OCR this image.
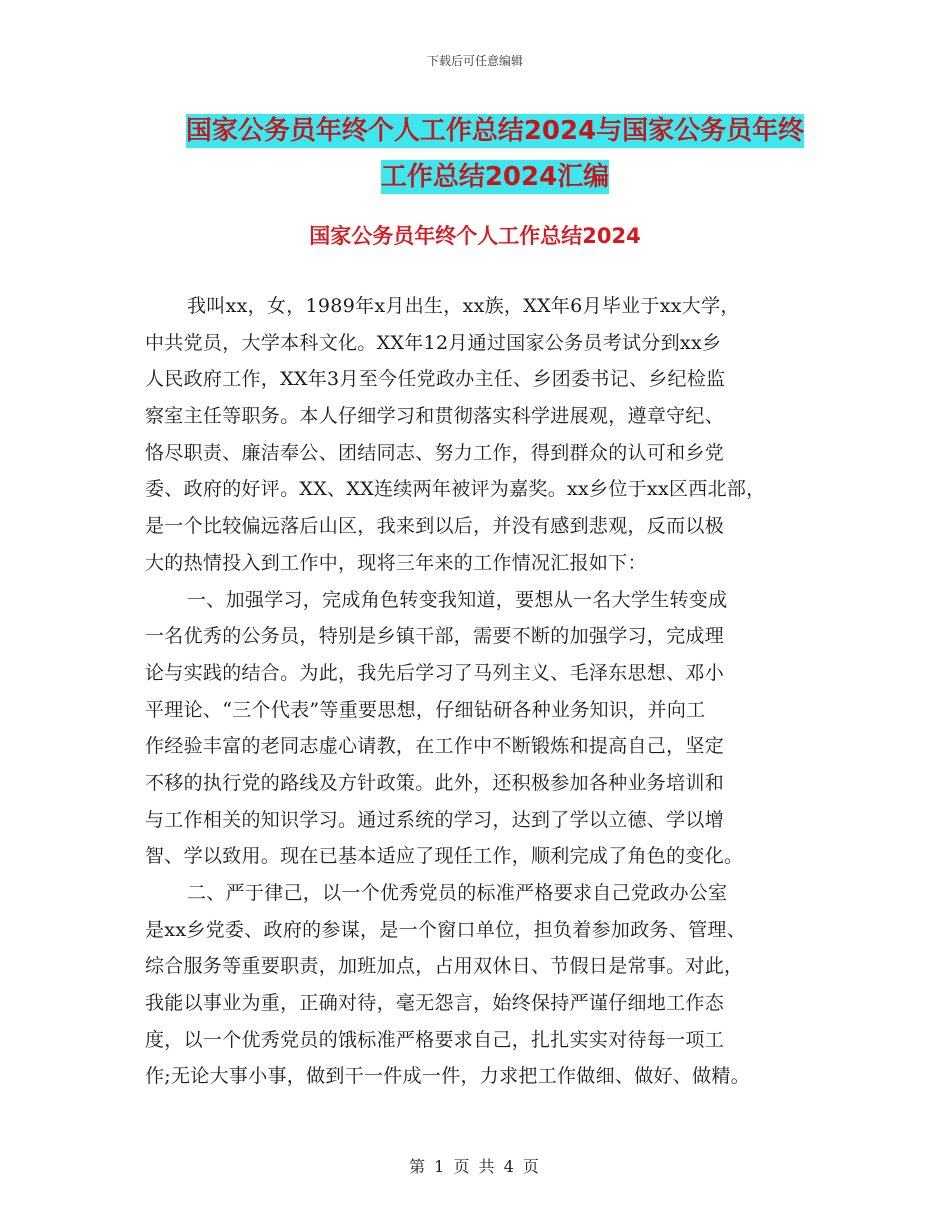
下载后可任意编辑
国家公务员年终个人工作总结2024与国家公务员年终
工作总结2024汇编
国家公务员年终个人工作总结2024
我叫xx，女，1989年x月出生，xx族，XX年6月毕业于xx大学，
中共党员，大学本科文化。XX年12月通过国家公务员考试分到xx乡
人民政府工作，XX年3月至今任党政办主任、乡团委书记、乡纪检监
察室主任等职务。本人仔细学习和贯彻落实科学进展观，遵章守纪、
恪尽职责、廉洁奉公、团结同志、努力工作，得到群众的认可和乡党
委、政府的好评。XX、XX连续两年被评为嘉奖。xx乡位于xx区西北部，
是一个比较偏远落后山区，我来到以后，并没有感到悲观，反而以极
大的热情投入到工作中，现将三年来的工作情况汇报如下：
一、加强学习，完成角色转变我知道，要想从一名大学生转变成
一名优秀的公务员，特别是乡镇干部，需要不断的加强学习，完成理
论与实践的结合。为此，我先后学习了马列主义、毛泽东思想、邓小
平理论、“三个代表”等重要思想，仔细钻研各种业务知识，并向工
作经验丰富的老同志虚心请教，在工作中不断锻炼和提高自己，坚定
不移的执行党的路线及方针政策。此外，还积极参加各种业务培训和
与工作相关的知识学习。通过系统的学习，达到了学以立德、学以增
智、学以致用。现在已基本适应了现任工作，顺利完成了角色的变化。
二、严于律己，以一个优秀党员的标准严格要求自己党政办公室
是xx乡党委、政府的参谋，是一个窗口单位，担负着参加政务、管理、
综合服务等重要职责，加班加点，占用双休日、节假日是常事。对此，
我能以事业为重，正确对待，毫无怨言，始终保持严谨仔细地工作态
度，以一个优秀党员的饿标准严格要求自己，扎扎实实对待每一项工
作;无论大事小事，做到干一件成一件，力求把工作做细、做好、做精。
第 1 页 共 4 页
